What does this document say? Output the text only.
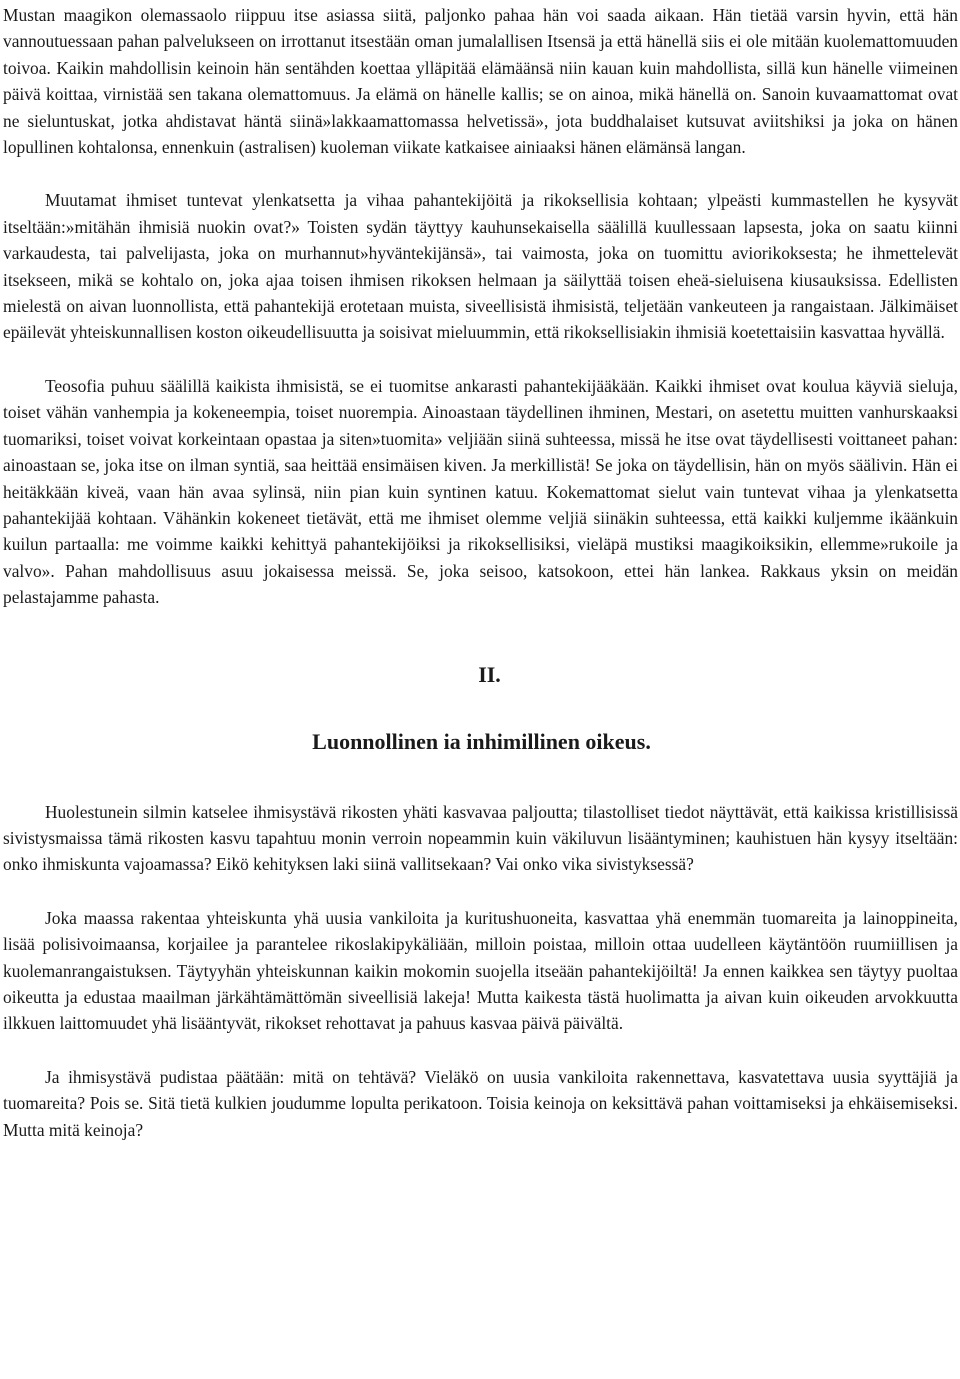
Mustan maagikon olemassaolo riippuu itse asiassa siitä, paljonko pahaa hän voi saada aikaan. Hän tietää varsin hyvin, että hän vannoutuessaan pahan palvelukseen on irrottanut itsestään oman jumalallisen Itsensä ja että hänellä siis ei ole mitään kuolemattomuuden toivoa. Kaikin mahdollisin keinoin hän sentähden koettaa ylläpitää elämäänsä niin kauan kuin mahdollista, sillä kun hänelle viimeinen päivä koittaa, virnistää sen takana olemattomuus. Ja elämä on hänelle kallis; se on ainoa, mikä hänellä on. Sanoin kuvaamattomat ovat ne sieluntuskat, jotka ahdistavat häntä siinä»lakkaamattomassa helvetissä», jota buddhalaiset kutsuvat aviitshiksi ja joka on hänen lopullinen kohtalonsa, ennenkuin (astralisen) kuoleman viikate katkaisee ainiaaksi hänen elämänsä langan.

Muutamat ihmiset tuntevat ylenkatsetta ja vihaa pahantekijöitä ja rikoksellisia kohtaan; ylpeästi kummastellen he kysyvät itseltään:»mitähän ihmisiä nuokin ovat?» Toisten sydän täyttyy kauhunsekaisella säälillä kuullessaan lapsesta, joka on saatu kiinni varkaudesta, tai palvelijasta, joka on murhannut»hyväntekijänsä», tai vaimosta, joka on tuomittu aviorikoksesta; he ihmettelevät itsekseen, mikä se kohtalo on, joka ajaa toisen ihmisen rikoksen helmaan ja säilyttää toisen eheä-sieluisena kiusauksissa. Edellisten mielestä on aivan luonnollista, että pahantekijä erotetaan muista, siveellisistä ihmisistä, teljetään vankeuteen ja rangaistaan. Jälkimäiset epäilevät yhteiskunnallisen koston oikeudellisuutta ja soisivat mieluummin, että rikoksellisiakin ihmisiä koetettaisiin kasvattaa hyvällä.

Teosofia puhuu säälillä kaikista ihmisistä, se ei tuomitse ankarasti pahantekijääkään. Kaikki ihmiset ovat koulua käyviä sieluja, toiset vähän vanhempia ja kokeneempia, toiset nuorempia. Ainoastaan täydellinen ihminen, Mestari, on asetettu muitten vanhurskaaksi tuomariksi, toiset voivat korkeintaan opastaa ja siten»tuomita» veljiään siinä suhteessa, missä he itse ovat täydellisesti voittaneet pahan: ainoastaan se, joka itse on ilman syntiä, saa heittää ensimäisen kiven. Ja merkillistä! Se joka on täydellisin, hän on myös säälivin. Hän ei heitäkkään kiveä, vaan hän avaa sylinsä, niin pian kuin syntinen katuu. Kokemattomat sielut vain tuntevat vihaa ja ylenkatsetta pahantekijää kohtaan. Vähänkin kokeneet tietävät, että me ihmiset olemme veljiä siinäkin suhteessa, että kaikki kuljemme ikäänkuin kuilun partaalla: me voimme kaikki kehittyä pahantekijöiksi ja rikoksellisiksi, vieläpä mustiksi maagikoiksikin, ellemme»rukoile ja valvo». Pahan mahdollisuus asuu jokaisessa meissä. Se, joka seisoo, katsokoon, ettei hän lankea. Rakkaus yksin on meidän pelastajamme pahasta.

II.
Luonnollinen ia inhimillinen oikeus.

Huolestunein silmin katselee ihmisystävä rikosten yhäti kasvavaa paljoutta; tilastolliset tiedot näyttävät, että kaikissa kristillisissä sivistysmaissa tämä rikosten kasvu tapahtuu monin verroin nopeammin kuin väkiluvun lisääntyminen; kauhistuen hän kysyy itseltään: onko ihmiskunta vajoamassa? Eikö kehityksen laki siinä vallitsekaan? Vai onko vika sivistyksessä?

Joka maassa rakentaa yhteiskunta yhä uusia vankiloita ja kuritushuoneita, kasvattaa yhä enemmän tuomareita ja lainoppineita, lisää polisivoimaansa, korjailee ja parantelee rikoslakipykäliään, milloin poistaa, milloin ottaa uudelleen käytäntöön ruumiillisen ja kuolemanrangaistuksen. Täytyyhän yhteiskunnan kaikin mokomin suojella itseään pahantekijöiltä! Ja ennen kaikkea sen täytyy puoltaa oikeutta ja edustaa maailman järkähtämättömän siveellisiä lakeja! Mutta kaikesta tästä huolimatta ja aivan kuin oikeuden arvokkuutta ilkkuen laittomuudet yhä lisääntyvät, rikokset rehottavat ja pahuus kasvaa päivä päivältä.

Ja ihmisystävä pudistaa päätään: mitä on tehtävä? Vieläkö on uusia vankiloita rakennettava, kasvatettava uusia syyttäjiä ja tuomareita? Pois se. Sitä tietä kulkien joudumme lopulta perikatoon. Toisia keinoja on keksittävä pahan voittamiseksi ja ehkäisemiseksi. Mutta mitä keinoja?
